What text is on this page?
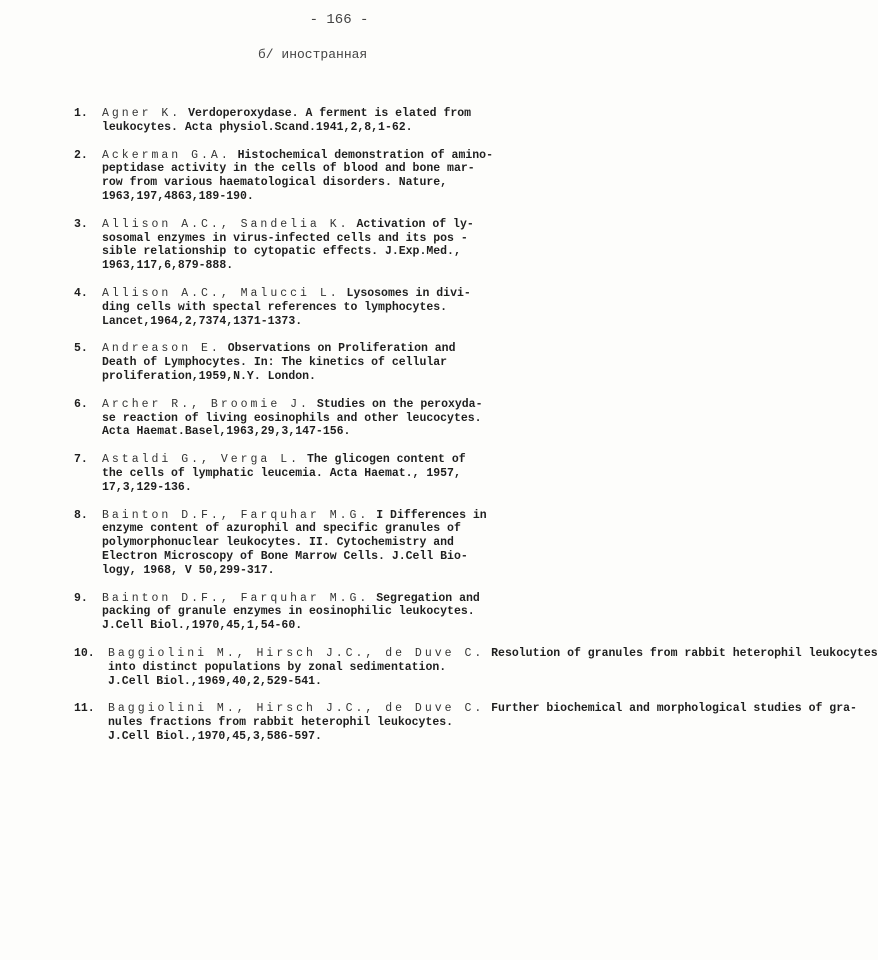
- 166 -
б/ иностранная
1. Agner K. Verdoperoxydase. A ferment is elated from
leukocytes. Acta physiol.Scand.1941,2,8,1-62.
2. Ackerman G.A. Histochemical demonstration of amino-
peptidase activity in the cells of blood and bone mar-
row from various haematological disorders. Nature,
1963,197,4863,189-190.
3. Allison A.C., Sandelia K. Activation of ly-
sosomal enzymes in virus-infected cells and its pos -
sible relationship to cytopatic effects. J.Exp.Med.,
1963,117,6,879-888.
4. Allison A.C., Malucci L. Lysosomes in divi-
ding cells with spectal references to lymphocytes.
Lancet,1964,2,7374,1371-1373.
5. Andreason E. Observations on Proliferation and
Death of Lymphocytes. In: The kinetics of cellular
proliferation,1959,N.Y. London.
6. Archer R., Broomie J. Studies on the peroxyda-
se reaction of living eosinophils and other leucocytes.
Acta Haemat.Basel,1963,29,3,147-156.
7. Astaldi G., Verga L. The glicogen content of
the cells of lymphatic leucemia. Acta Haemat., 1957,
17,3,129-136.
8. Bainton D.F., Farquhar M.G. I Differences in
enzyme content of azurophil and specific granules of
polymorphonuclear leukocytes. II. Cytochemistry and
Electron Microscopy of Bone Marrow Cells. J.Cell Bio-
logy, 1968, V 50,299-317.
9. Bainton D.F., Farquhar M.G. Segregation and
packing of granule enzymes in eosinophilic leukocytes.
J.Cell Biol.,1970,45,1,54-60.
10. Baggiolini M., Hirsch J.C., de Duve C. Resolution of granules from rabbit heterophil leukocytes
into distinct populations by zonal sedimentation.
J.Cell Biol.,1969,40,2,529-541.
11. Baggiolini M., Hirsch J.C., de Duve C. Further biochemical and morphological studies of gra-
nules fractions from rabbit heterophil leukocytes.
J.Cell Biol.,1970,45,3,586-597.
